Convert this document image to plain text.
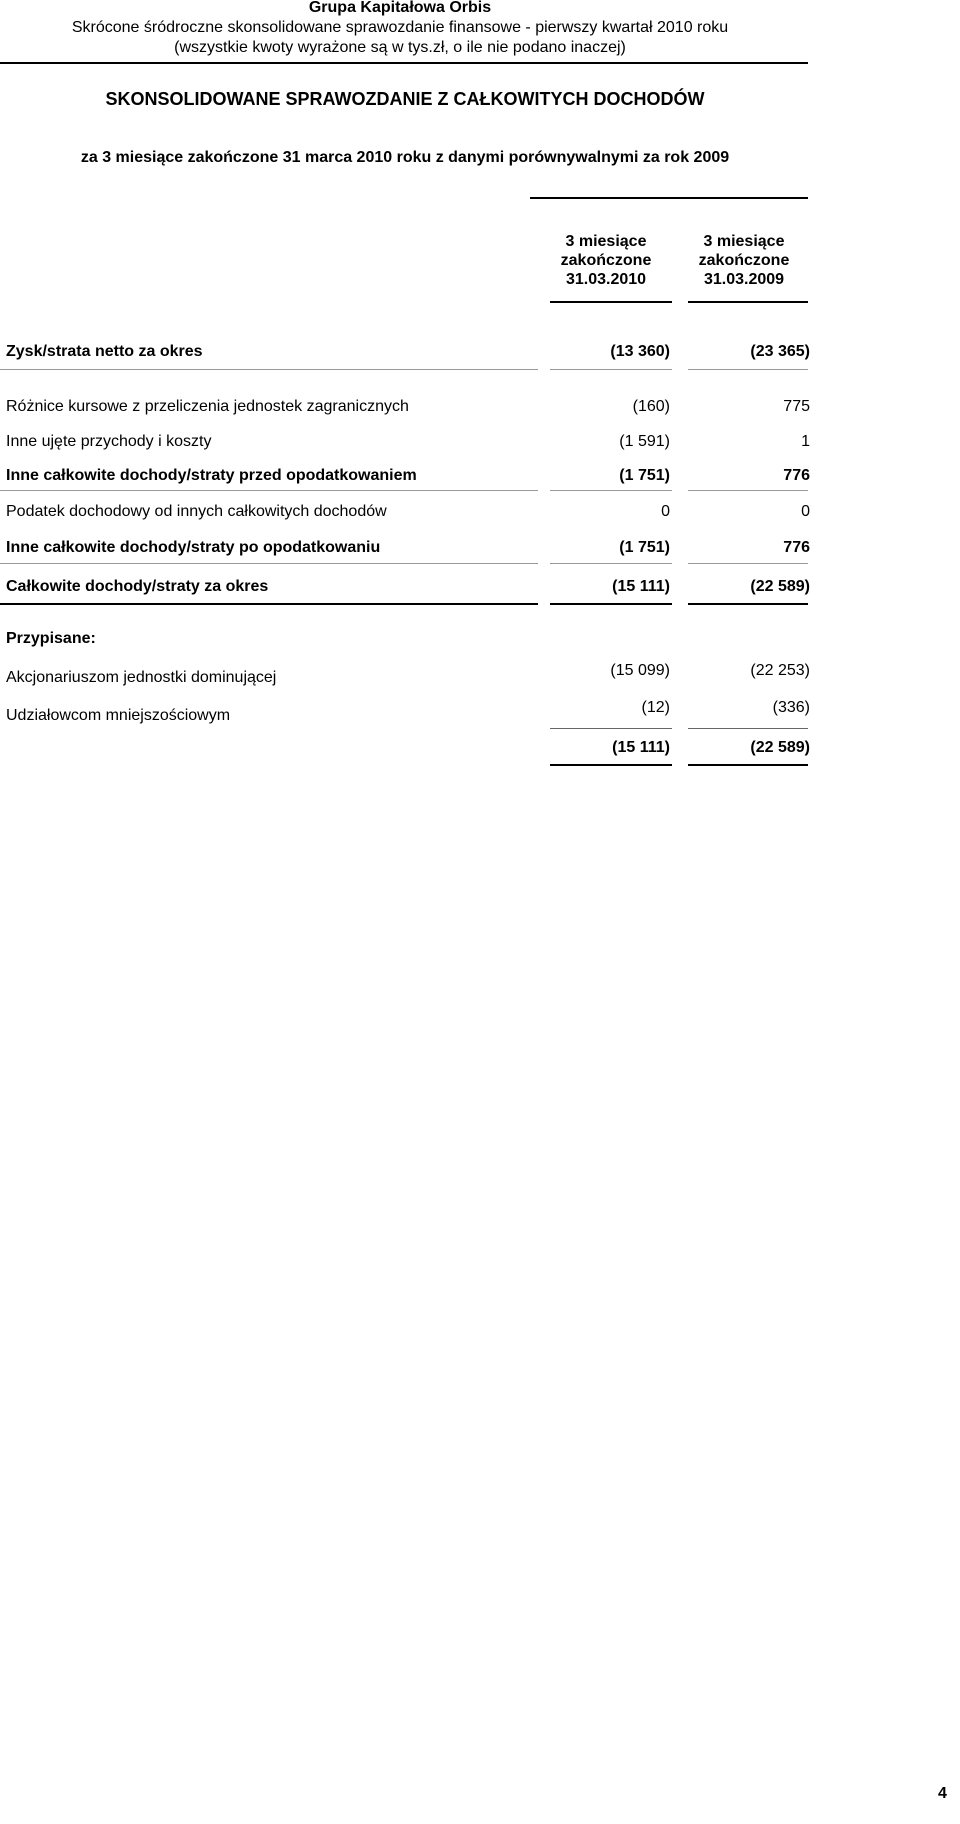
Grupa Kapitałowa Orbis
Skrócone śródroczne skonsolidowane sprawozdanie finansowe - pierwszy kwartał 2010 roku
(wszystkie kwoty wyrażone są w tys.zł, o ile nie podano inaczej)
SKONSOLIDOWANE SPRAWOZDANIE Z CAŁKOWITYCH DOCHODÓW
za 3 miesiące zakończone 31 marca 2010 roku z danymi porównywalnymi za rok 2009
3 miesiące
zakończone
31.03.2010
3 miesiące
zakończone
31.03.2009
Zysk/strata netto za okres	(13 360)	(23 365)
Różnice kursowe z przeliczenia jednostek zagranicznych	(160)	775
Inne ujęte przychody i koszty	(1 591)	1
Inne całkowite dochody/straty przed opodatkowaniem	(1 751)	776
Podatek dochodowy od innych całkowitych dochodów	0	0
Inne całkowite dochody/straty po opodatkowaniu	(1 751)	776
Całkowite dochody/straty za okres	(15 111)	(22 589)
Przypisane:
Akcjonariuszom jednostki dominującej	(15 099)	(22 253)
Udziałowcom mniejszościowym	(12)	(336)
(15 111)	(22 589)
4
